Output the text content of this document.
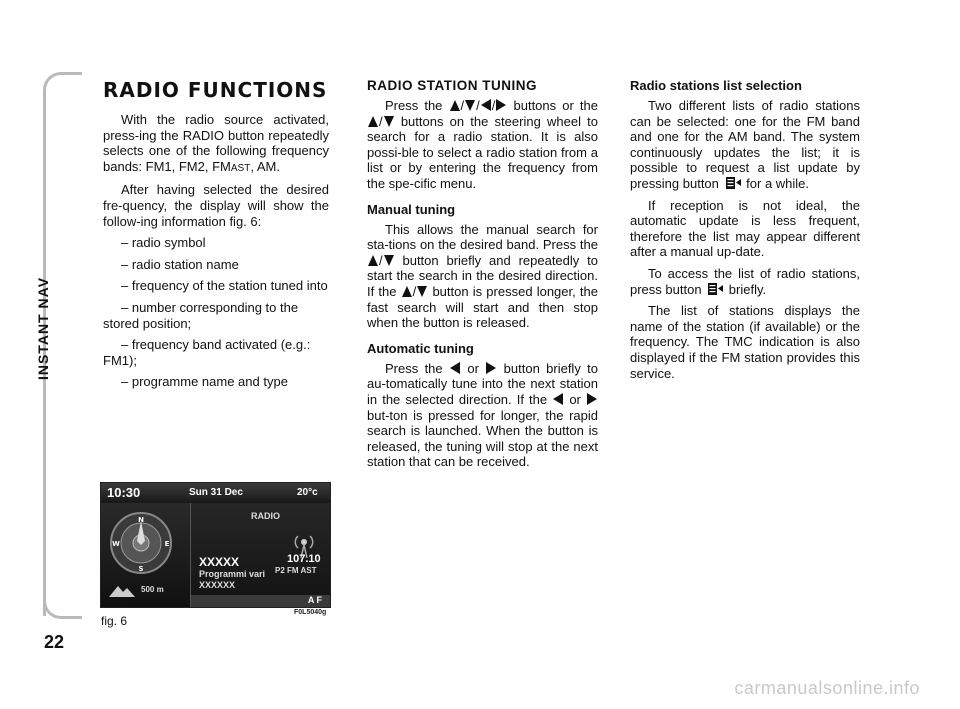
INSTANT NAV
22
RADIO FUNCTIONS

With the radio source activated, press-ing the RADIO button repeatedly selects one of the following frequency bands: FM1, FM2, FMAST, AM.

After having selected the desired fre-quency, the display will show the follow-ing information fig. 6:

– radio symbol

– radio station name

– frequency of the station tuned into

– number corresponding to the stored position;

– frequency band activated (e.g.: FM1);

– programme name and type

RADIO STATION TUNING

Press the / / / buttons or the / buttons on the steering wheel to search for a radio station. It is also possi-ble to select a radio station from a list or by entering the frequency from the spe-cific menu.

Manual tuning

This allows the manual search for sta-tions on the desired band. Press the / button briefly and repeatedly to start the search in the desired direction. If the / button is pressed longer, the fast search will start and then stop when the button is released.

Automatic tuning

Press the or button briefly to au-tomatically tune into the next station in the selected direction. If the or  but-ton is pressed for longer, the rapid search is launched. When the button is released, the tuning will stop at the next station that can be received.

Radio stations list selection

Two different lists of radio stations can be selected: one for the FM band and one for the AM band. The system continuously updates the list; it is possible to request a list update by pressing button for a while.

If reception is not ideal, the automatic update is less frequent, therefore the list may appear different after a manual up-date.

To access the list of radio stations, press button briefly.

The list of stations displays the name of the station (if available) or the frequency. The TMC indication is also displayed if the FM station provides this service.

10:30	Sun 31 Dec	20°c
N
S
E
W
500 m
RADIO
XXXXX
Programmi vari
XXXXXX
107.10
P2 FM AST
A F
fig. 6
F0L5040g
carmanualsonline.info
